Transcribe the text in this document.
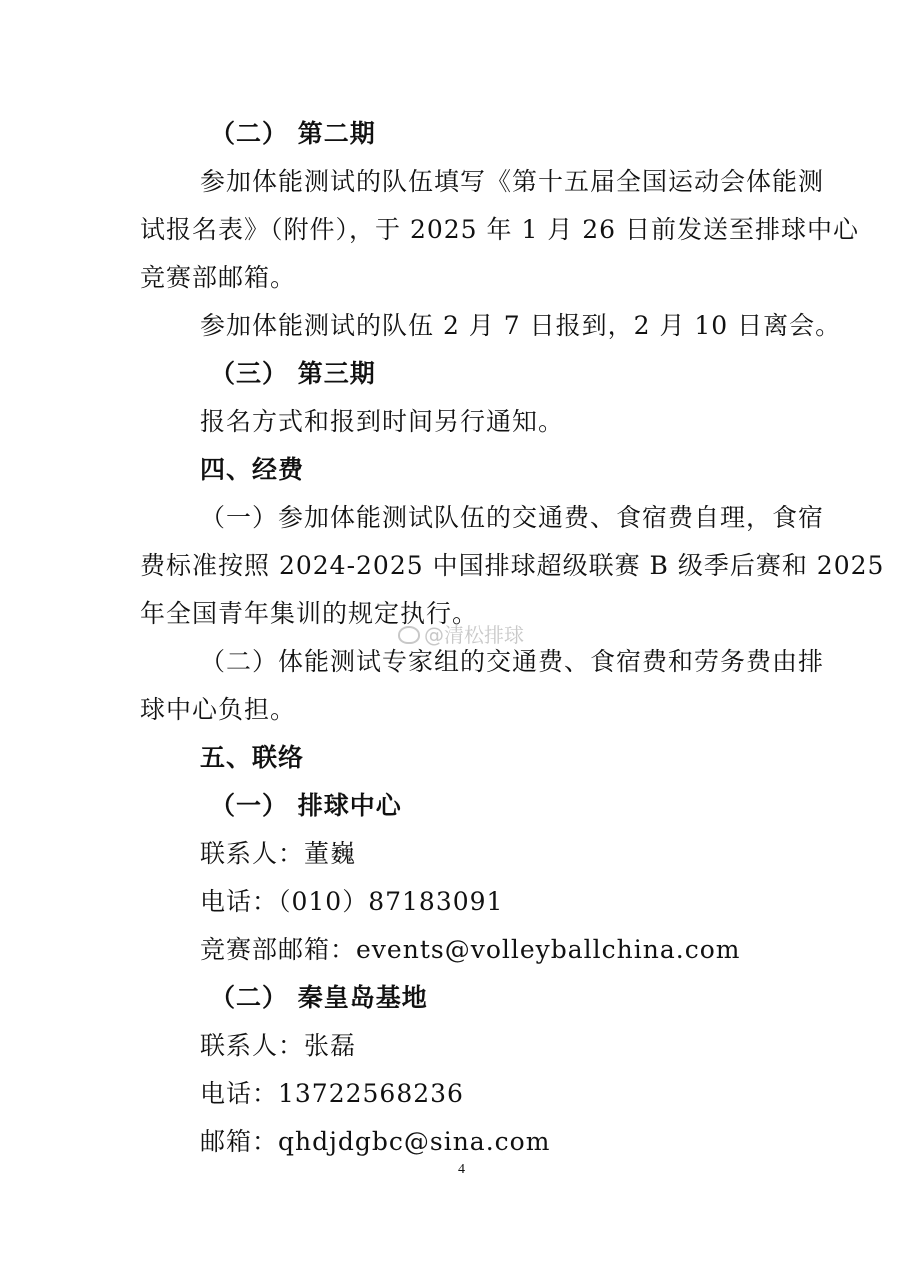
（二） 第二期
参加体能测试的队伍填写《第十五届全国运动会体能测
试报名表》（附件），于 2025 年 1 月 26 日前发送至排球中心
竞赛部邮箱。
参加体能测试的队伍 2 月 7 日报到，2 月 10 日离会。
（三） 第三期
报名方式和报到时间另行通知。
四、经费
（一）参加体能测试队伍的交通费、食宿费自理，食宿
费标准按照 2024-2025 中国排球超级联赛 B 级季后赛和 2025
年全国青年集训的规定执行。
（二）体能测试专家组的交通费、食宿费和劳务费由排
球中心负担。
五、联络
（一） 排球中心
联系人：董巍
电话：（010）87183091
竞赛部邮箱：events@volleyballchina.com
（二） 秦皇岛基地
联系人：张磊
电话：13722568236
邮箱：qhdjdgbc@sina.com
@清松排球
4
